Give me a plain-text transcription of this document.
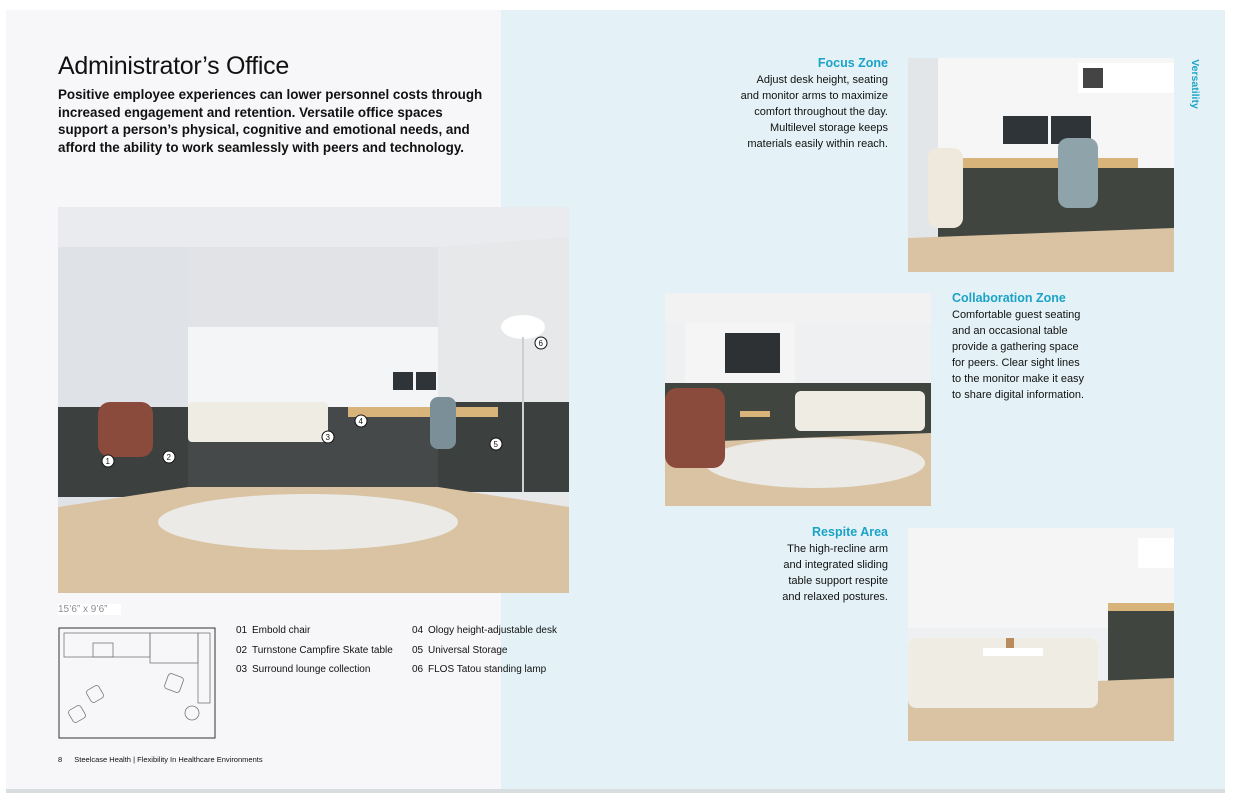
Administrator’s Office
Positive employee experiences can lower personnel costs through increased engagement and retention. Versatile office spaces support a person’s physical, cognitive and emotional needs, and afford the ability to work seamlessly with peers and technology.
1	2
3
4
5
6
15’6” x 9’6”
01 Embold chair
02 Turnstone Campfire Skate table
03 Surround lounge collection
04 Ology height-adjustable desk
05 Universal Storage
06 FLOS Tatou standing lamp
8 Steelcase Health | Flexibility In Healthcare Environments
Focus Zone
Adjust desk height, seating
and monitor arms to maximize
comfort throughout the day.
Multilevel storage keeps
materials easily within reach.
Collaboration Zone
Comfortable guest seating
and an occasional table
provide a gathering space
for peers. Clear sight lines
to the monitor make it easy
to share digital information.
Respite Area
The high-recline arm
and integrated sliding
table support respite
and relaxed postures.
Versatility
